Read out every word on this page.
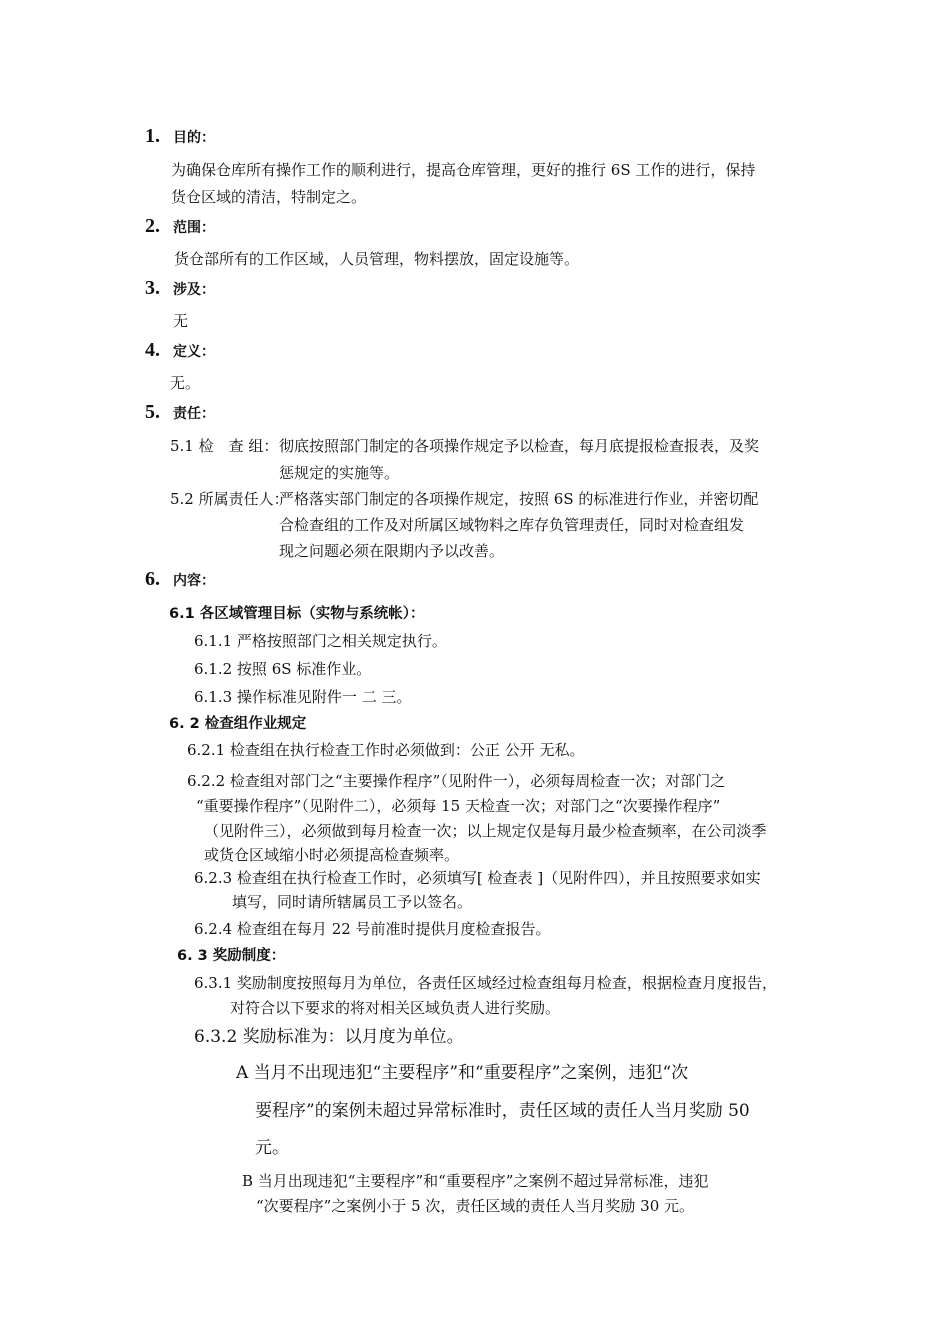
1. 目的：
为确保仓库所有操作工作的顺利进行，提高仓库管理，更好的推行 6S 工作的进行，保持
货仓区域的清洁，特制定之。
2. 范围：
货仓部所有的工作区域，人员管理，物料摆放，固定设施等。
3. 涉及：
无
4. 定义：
无。
5. 责任：
5.1 检　查 组： 彻底按照部门制定的各项操作规定予以检查，每月底提报检查报表，及奖
惩规定的实施等。
5.2 所属责任人：
严格落实部门制定的各项操作规定，按照 6S 的标准进行作业，并密切配
合检查组的工作及对所属区域物料之库存负管理责任，同时对检查组发
现之问题必须在限期内予以改善。
6. 内容：
6.1 各区域管理目标（实物与系统帐）：
6.1.1 严格按照部门之相关规定执行。
6.1.2 按照 6S 标准作业。
6.1.3 操作标准见附件一 二 三。
6. 2 检查组作业规定
6.2.1 检查组在执行检查工作时必须做到：公正 公开 无私。
6.2.2 检查组对部门之“主要操作程序”（见附件一），必须每周检查一次；对部门之
“重要操作程序”（见附件二），必须每 15 天检查一次；对部门之“次要操作程序”
（见附件三），必须做到每月检查一次；以上规定仅是每月最少检查频率，在公司淡季
或货仓区域缩小时必须提高检查频率。
6.2.3 检查组在执行检查工作时，必须填写[ 检查表 ]（见附件四），并且按照要求如实
填写，同时请所辖属员工予以签名。
6.2.4 检查组在每月 22 号前准时提供月度检查报告。
6. 3 奖励制度：
6.3.1 奖励制度按照每月为单位，各责任区域经过检查组每月检查，根据检查月度报告，
对符合以下要求的将对相关区域负责人进行奖励。
6.3.2 奖励标准为：以月度为单位。
A 当月不出现违犯“主要程序”和“重要程序”之案例，违犯“次
要程序”的案例未超过异常标准时，责任区域的责任人当月奖励 50
元。
B 当月出现违犯“主要程序”和“重要程序”之案例不超过异常标准，违犯
“次要程序”之案例小于 5 次，责任区域的责任人当月奖励 30 元。
